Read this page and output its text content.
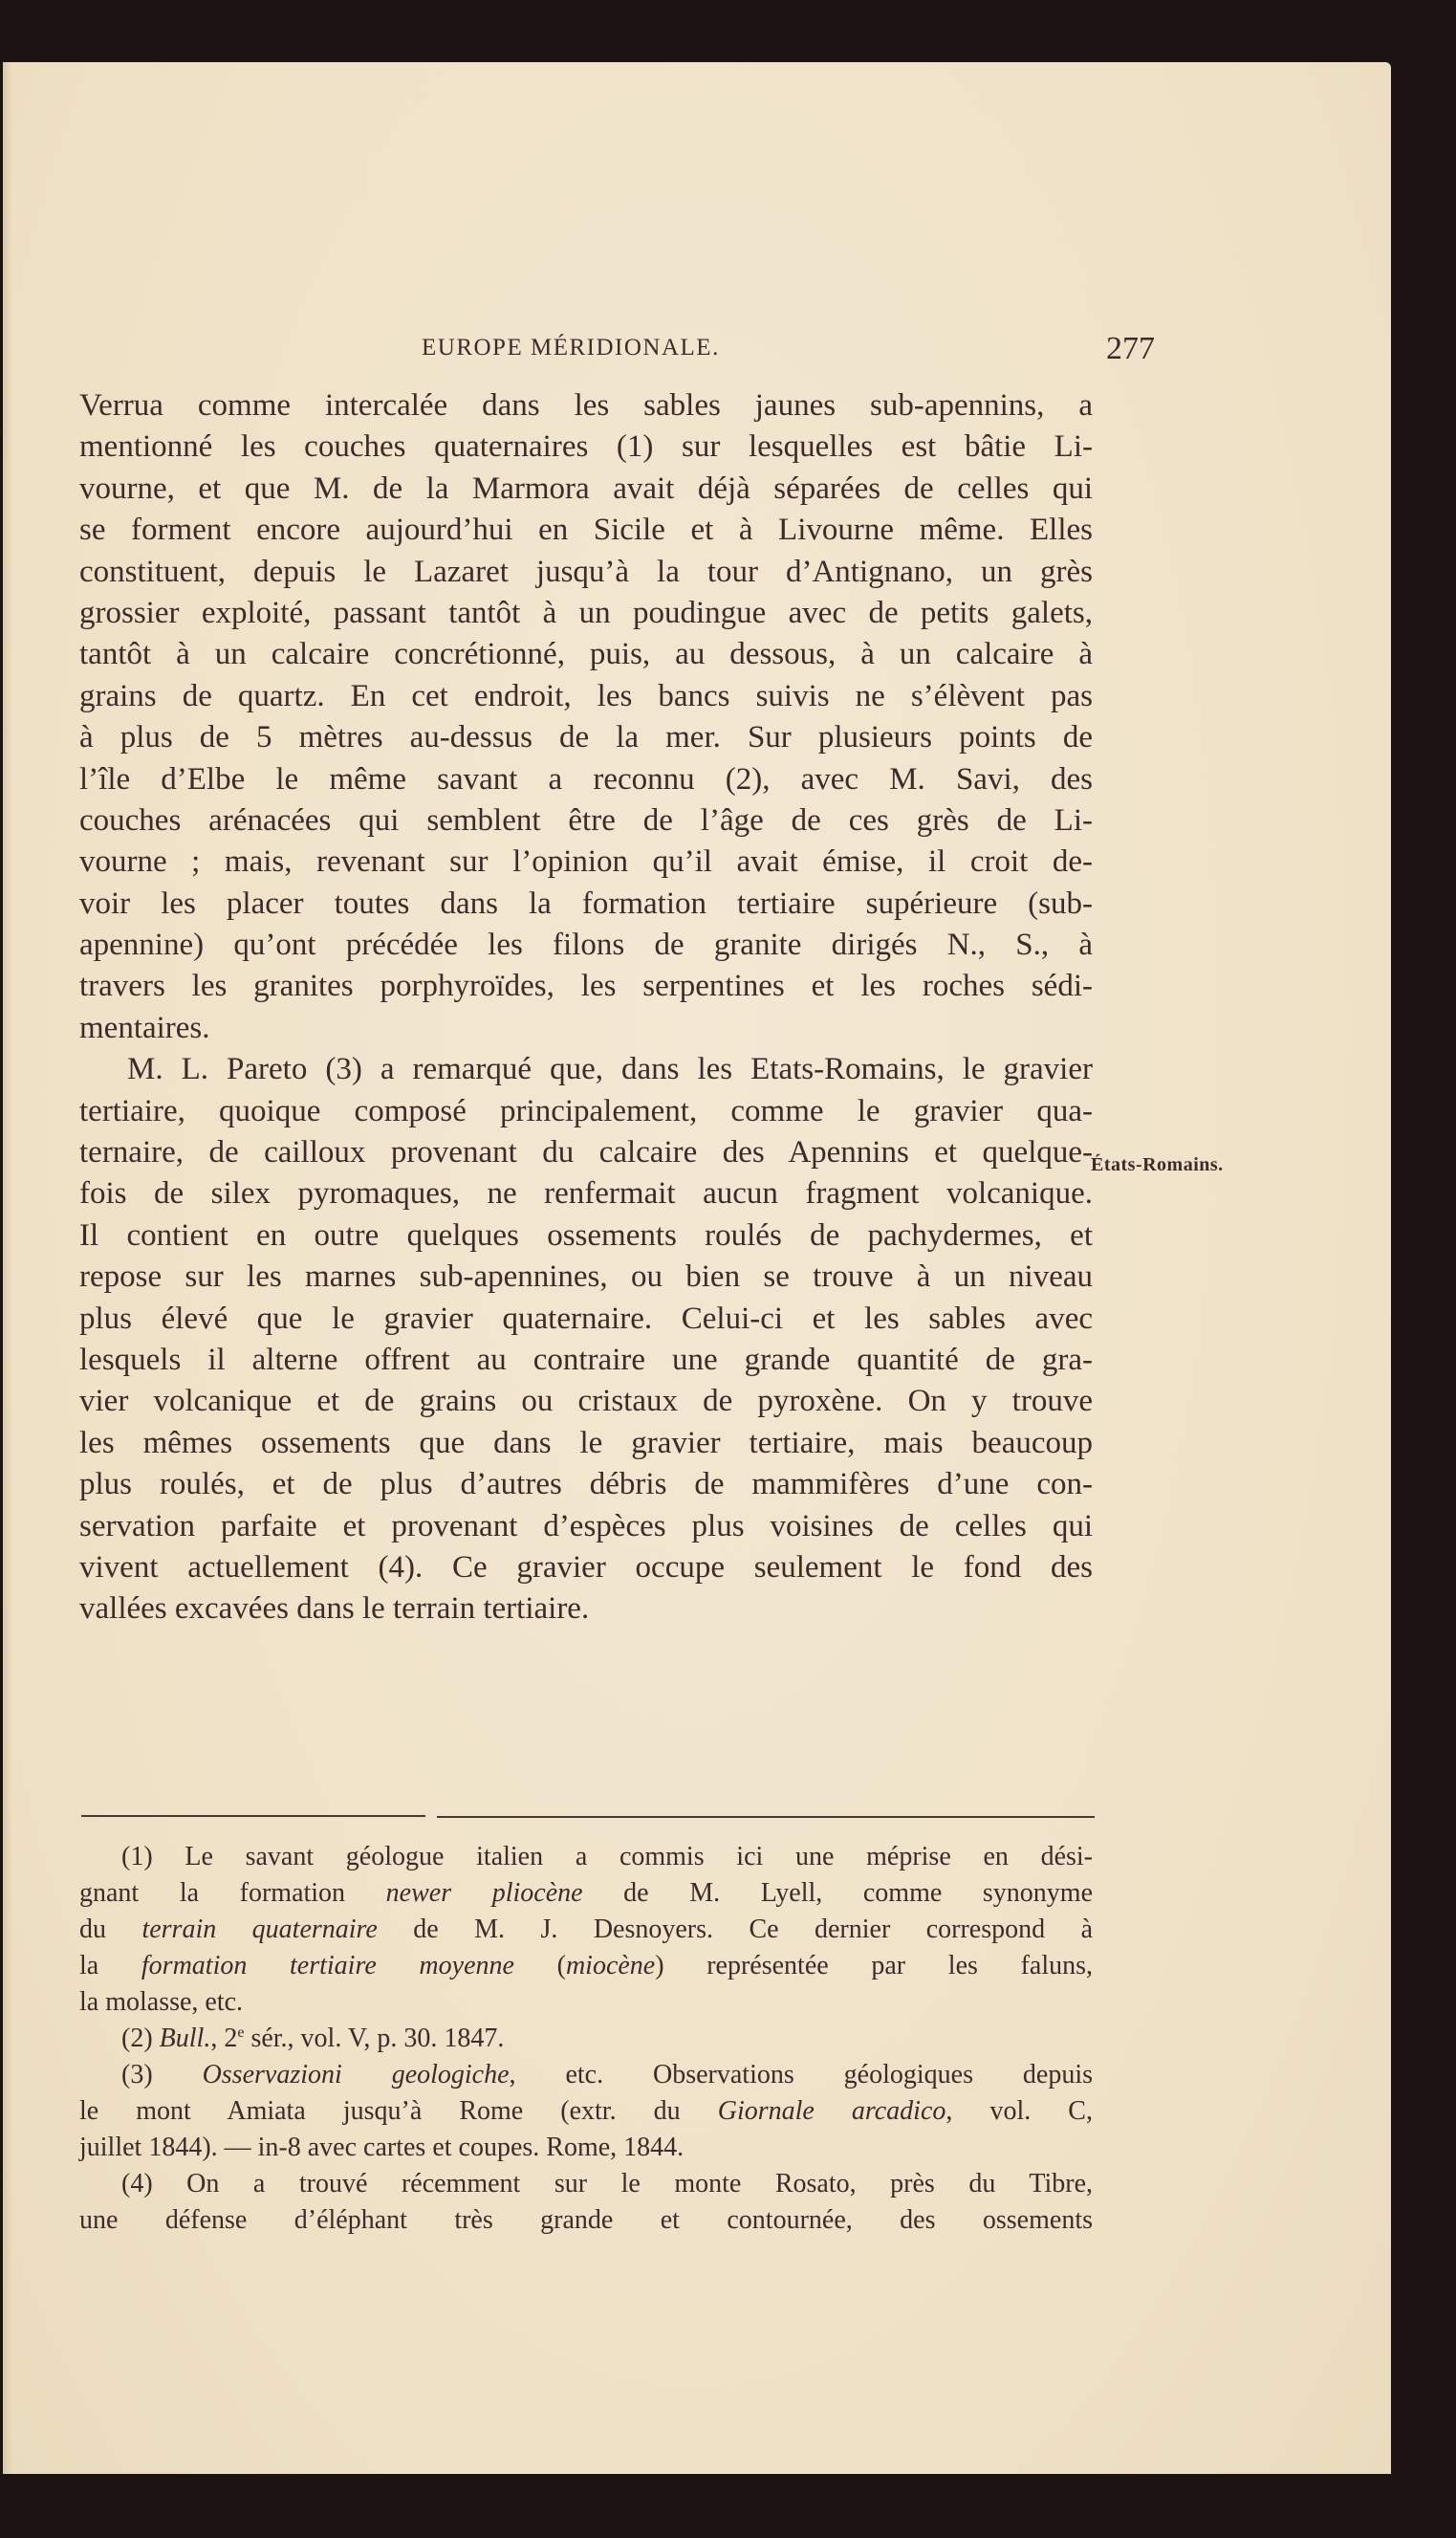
EUROPE MÉRIDIONALE.	277
États-Romains.
Verrua comme intercalée dans les sables jaunes sub-apennins, a
mentionné les couches quaternaires (1) sur lesquelles est bâtie Li-
vourne, et que M. de la Marmora avait déjà séparées de celles qui
se forment encore aujourd’hui en Sicile et à Livourne même. Elles
constituent, depuis le Lazaret jusqu’à la tour d’Antignano, un grès
grossier exploité, passant tantôt à un poudingue avec de petits galets,
tantôt à un calcaire concrétionné, puis, au dessous, à un calcaire à
grains de quartz. En cet endroit, les bancs suivis ne s’élèvent pas
à plus de 5 mètres au-dessus de la mer. Sur plusieurs points de
l’île d’Elbe le même savant a reconnu (2), avec M. Savi, des
couches arénacées qui semblent être de l’âge de ces grès de Li-
vourne ; mais, revenant sur l’opinion qu’il avait émise, il croit de-
voir les placer toutes dans la formation tertiaire supérieure (sub-
apennine) qu’ont précédée les filons de granite dirigés N., S., à
travers les granites porphyroïdes, les serpentines et les roches sédi-
mentaires.
M. L. Pareto (3) a remarqué que, dans les Etats-Romains, le gravier
tertiaire, quoique composé principalement, comme le gravier qua-
ternaire, de cailloux provenant du calcaire des Apennins et quelque-
fois de silex pyromaques, ne renfermait aucun fragment volcanique.
Il contient en outre quelques ossements roulés de pachydermes, et
repose sur les marnes sub-apennines, ou bien se trouve à un niveau
plus élevé que le gravier quaternaire. Celui-ci et les sables avec
lesquels il alterne offrent au contraire une grande quantité de gra-
vier volcanique et de grains ou cristaux de pyroxène. On y trouve
les mêmes ossements que dans le gravier tertiaire, mais beaucoup
plus roulés, et de plus d’autres débris de mammifères d’une con-
servation parfaite et provenant d’espèces plus voisines de celles qui
vivent actuellement (4). Ce gravier occupe seulement le fond des
vallées excavées dans le terrain tertiaire.
(1) Le savant géologue italien a commis ici une méprise en dési-
gnant la formation newer pliocène de M. Lyell, comme synonyme
du terrain quaternaire de M. J. Desnoyers. Ce dernier correspond à
la formation tertiaire moyenne (miocène) représentée par les faluns,
la molasse, etc.
(2) Bull., 2e sér., vol. V, p. 30. 1847.
(3) Osservazioni geologiche, etc. Observations géologiques depuis
le mont Amiata jusqu’à Rome (extr. du Giornale arcadico, vol. C,
juillet 1844). — in-8 avec cartes et coupes. Rome, 1844.
(4) On a trouvé récemment sur le monte Rosato, près du Tibre,
une défense d’éléphant très grande et contournée, des ossements
